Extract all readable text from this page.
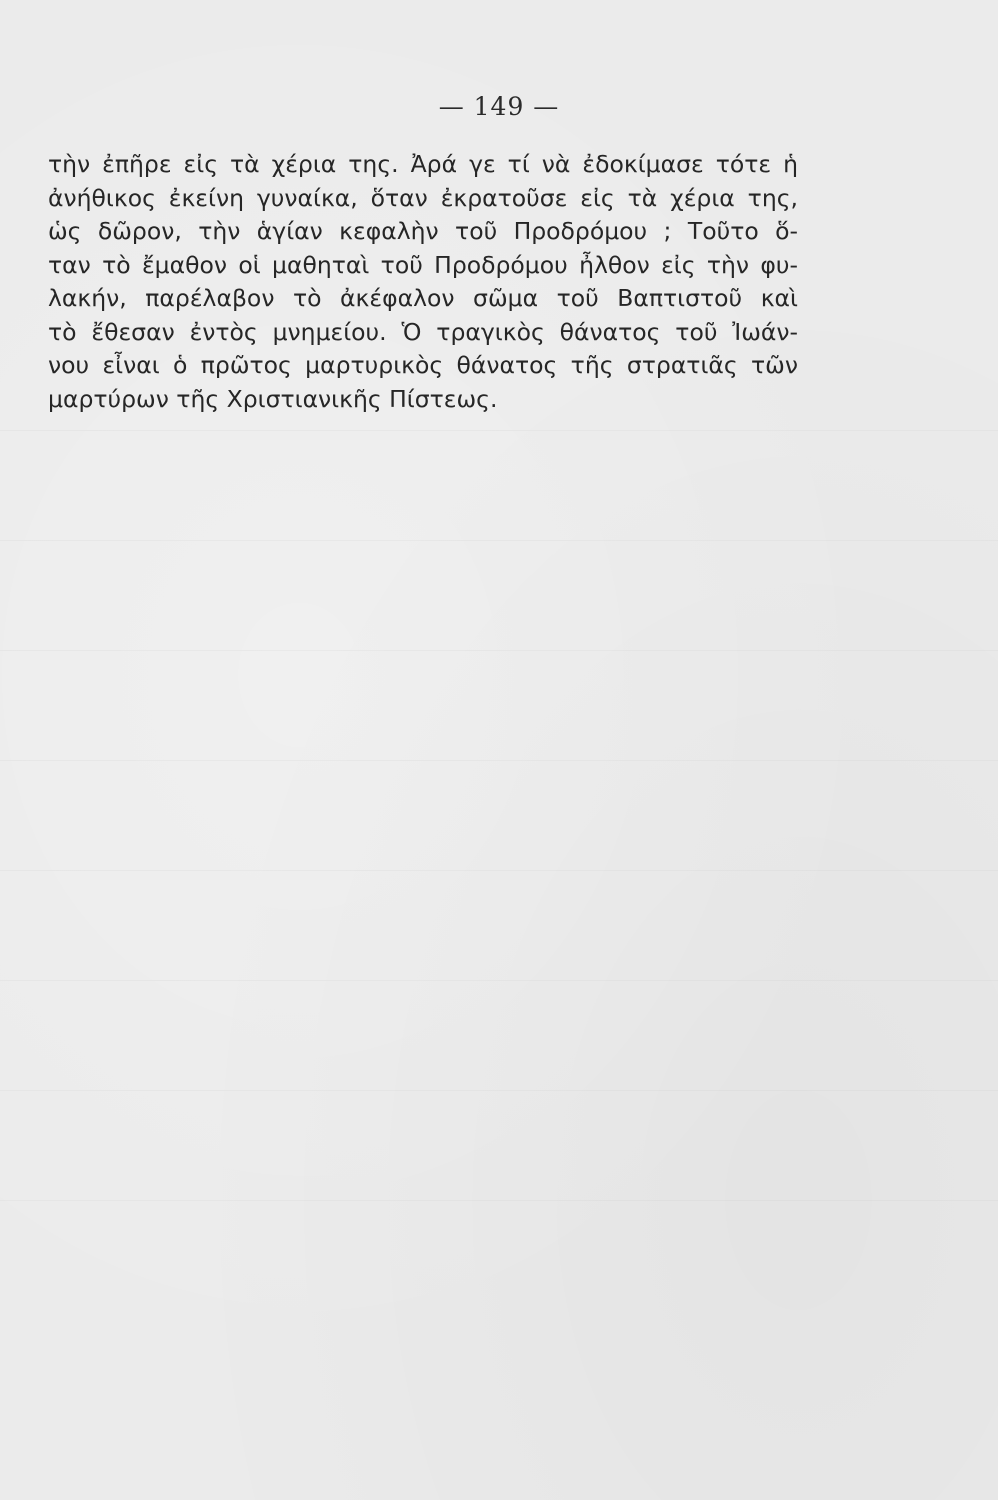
— 149 —
τὴν ἐπῆρε εἰς τὰ χέρια της. Ἀρά γε τί νὰ ἐδοκίμασε τότε ἡ
ἀνήθικος ἐκείνη γυναίκα, ὅταν ἐκρατοῦσε εἰς τὰ χέρια της,
ὡς δῶρον, τὴν ἁγίαν κεφαλὴν τοῦ Προδρόμου ; Τοῦτο ὅ-
ταν τὸ ἔμαθον οἱ μαθηταὶ τοῦ Προδρόμου ἦλθον εἰς τὴν φυ-
λακήν, παρέλαβον τὸ ἀκέφαλον σῶμα τοῦ Βαπτιστοῦ καὶ
τὸ ἔθεσαν ἐντὸς μνημείου. Ὁ τραγικὸς θάνατος τοῦ Ἰωάν-
νου εἶναι ὁ πρῶτος μαρτυρικὸς θάνατος τῆς στρατιᾶς τῶν
μαρτύρων τῆς Χριστιανικῆς Πίστεως.
